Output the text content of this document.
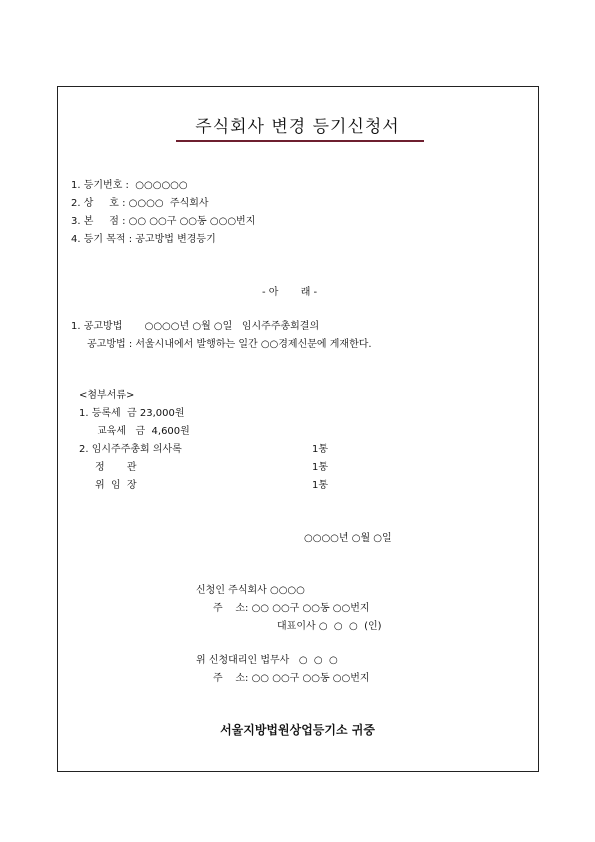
주식회사 변경 등기신청서
1. 등기번호 :  ○○○○○○
2. 상     호 : ○○○○  주식회사
3. 본     점 : ○○ ○○구 ○○동 ○○○번지
4. 등기 목적 : 공고방법 변경등기
- 아       래 -
1. 공고방법       ○○○○년 ○월 ○일   임시주주총회결의
공고방법 : 서울시내에서 발행하는 일간 ○○경제신문에 게재한다.
<첨부서류>
1. 등록세  금 23,000원
교육세   금  4,600원
2. 임시주주총회 의사록	1통
정       관	1통
위  임  장	1통
○○○○년 ○월 ○일
신청인 주식회사 ○○○○
주    소: ○○ ○○구 ○○동 ○○번지
대표이사 ○  ○  ○  (인)
위 신청대리인 법무사   ○  ○  ○
주    소: ○○ ○○구 ○○동 ○○번지
서울지방법원상업등기소 귀중
